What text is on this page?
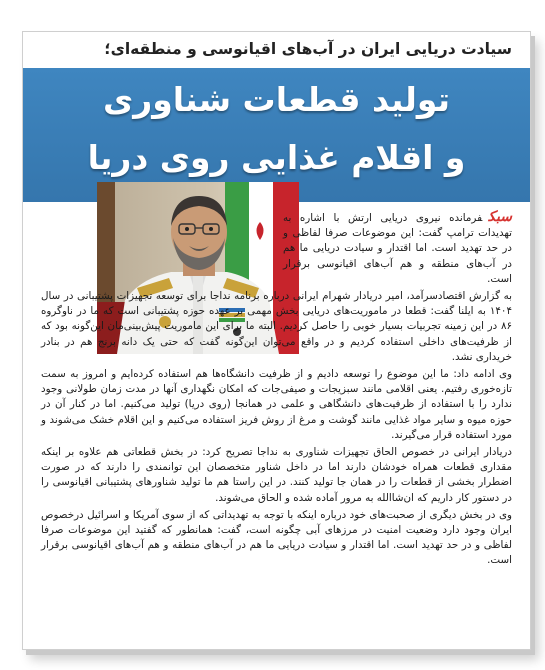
سیادت دریایی ایران در آب‌های اقیانوسی و منطقه‌ای؛
تولید قطعات شناوری
و اقلام غذایی روی دریا

سبکفرمانده نیروی دریایی ارتش با اشاره به تهدیدات ترامپ گفت: این موضوعات صرفا لفاظی و در حد تهدید است. اما اقتدار و سیادت دریایی ما هم در آب‌های منطقه و هم آب‌های اقیانوسی برقرار است.

به گزارش اقتصادسرآمد، امیر دریادار شهرام ایرانی درباره برنامه نداجا برای توسعه تجهیزات پشتیبانی در سال ۱۴۰۴ به ایلنا گفت: قطعا در ماموریت‌های دریایی بخش مهمی بر عهده حوزه پشتیبانی است که ما در ناوگروه ۸۶ در این زمینه تجربیات بسیار خوبی را حاصل کردیم. البته ما برای این ماموریت پیش‌بینی‌مان این‌گونه بود که از ظرفیت‌های داخلی استفاده کردیم و در واقع می‌توان این‌گونه گفت که حتی یک دانه برنج هم در بنادر خریداری نشد.

وی ادامه داد: ما این موضوع را توسعه دادیم و از ظرفیت دانشگاه‌ها هم استفاده کرده‌ایم و امروز به سمت تازه‌خوری رفتیم. یعنی اقلامی مانند سبزیجات و صیفی‌جات که امکان نگهداری آنها در مدت زمان طولانی وجود ندارد را با استفاده از ظرفیت‌های دانشگاهی و علمی در همانجا (روی دریا) تولید می‌کنیم. اما در کنار آن در حوزه میوه و سایر مواد غذایی مانند گوشت و مرغ از روش فریز استفاده می‌کنیم و این اقلام خشک می‌شوند و مورد استفاده قرار می‌گیرند.

دریادار ایرانی در خصوص الحاق تجهیزات شناوری به نداجا تصریح کرد: در بخش قطعاتی هم علاوه بر اینکه مقداری قطعات همراه خودشان دارند اما در داخل شناور متخصصان این توانمندی را دارند که در صورت اضطرار بخشی از قطعات را در همان جا تولید کنند. در این راستا هم ما تولید شناورهای پشتیبانی اقیانوسی را در دستور کار داریم که ان‌شاالله به مرور آماده شده و الحاق می‌شوند.

وی در بخش دیگری از صحبت‌های خود درباره اینکه با توجه به تهدیداتی که از سوی آمریکا و اسرائیل درخصوص ایران وجود دارد وضعیت امنیت در مرزهای آبی چگونه است، گفت: همانطور که گفتید این موضوعات صرفا لفاظی و در حد تهدید است. اما اقتدار و سیادت دریایی ما هم در آب‌های منطقه و هم آب‌های اقیانوسی برقرار است.
